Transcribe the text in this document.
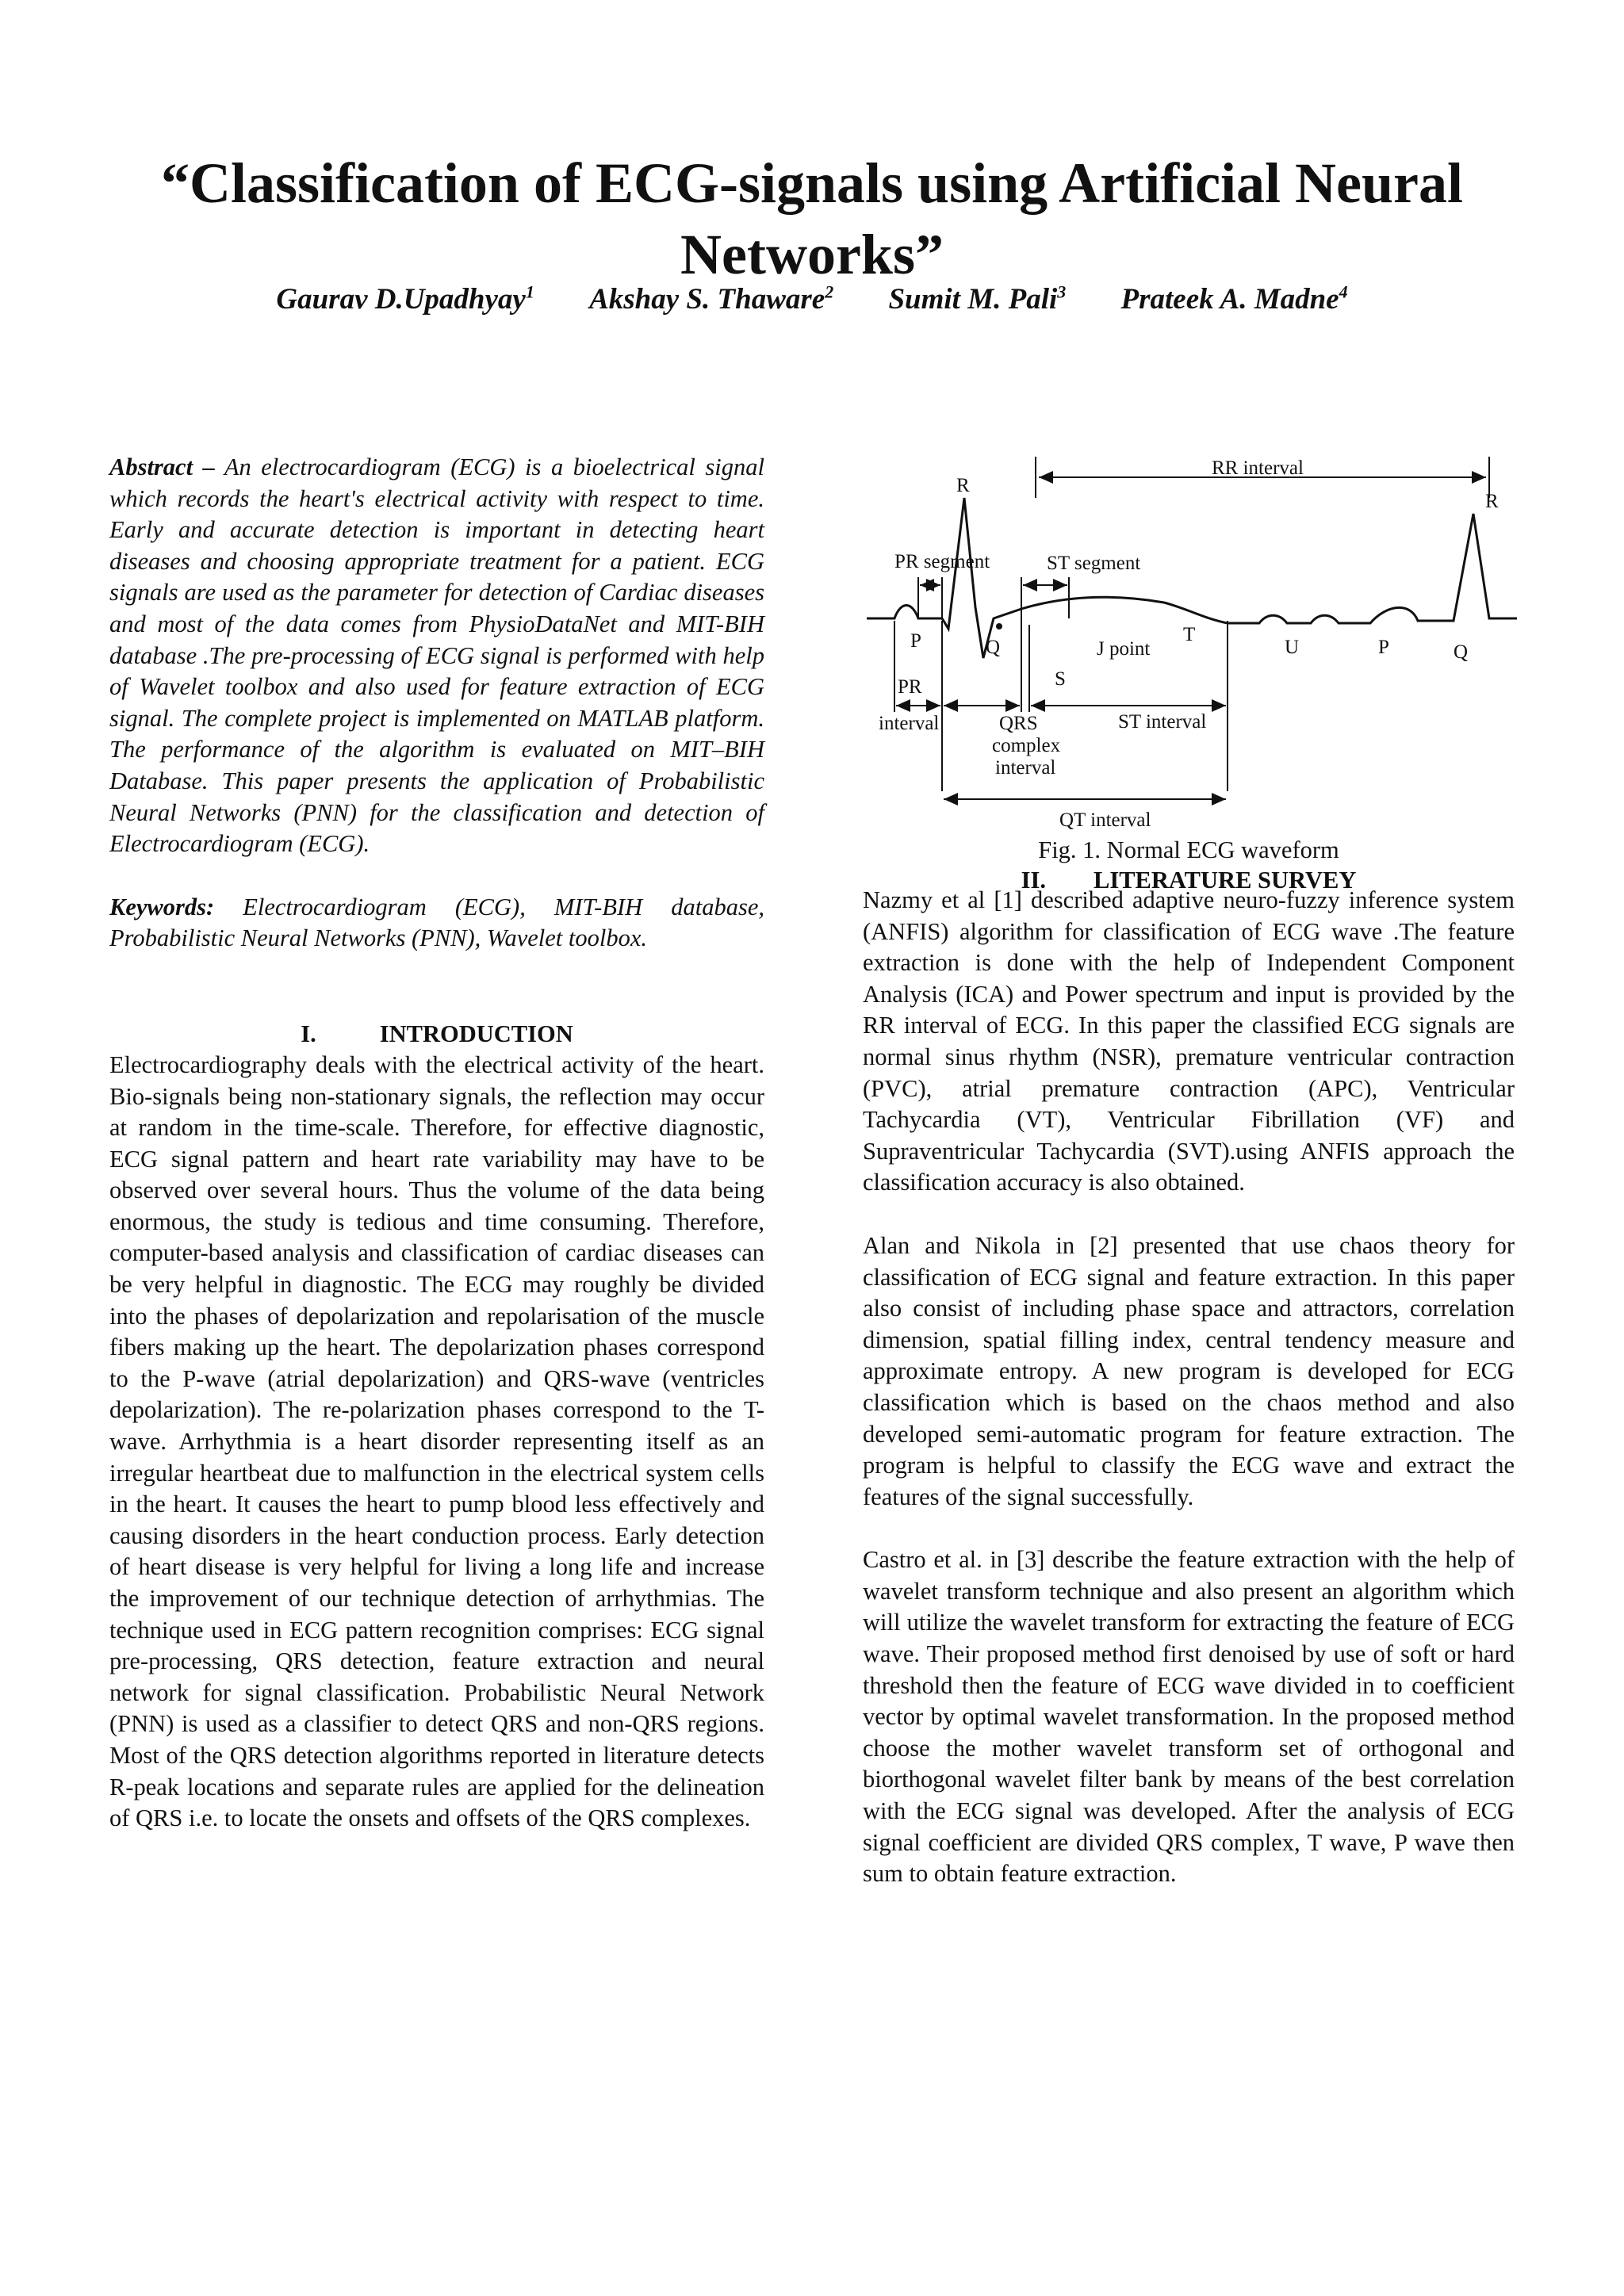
“Classification of ECG-signals using Artificial Neural Networks”
Gaurav D.Upadhyay$^1$ Akshay S. Thaware$^2$ Sumit M. Pali$^3$ Prateek A. Madne$^4$

Abstract – An electrocardiogram (ECG) is a bioelectrical signal which records the heart's electrical activity with respect to time. Early and accurate detection is important in detecting heart diseases and choosing appropriate treatment for a patient. ECG signals are used as the parameter for detection of Cardiac diseases and most of the data comes from PhysioDataNet and MIT-BIH database .The pre-processing of ECG signal is performed with help of Wavelet toolbox and also used for feature extraction of ECG signal. The complete project is implemented on MATLAB platform. The performance of the algorithm is evaluated on MIT–BIH Database. This paper presents the application of Probabilistic Neural Networks (PNN) for the classification and detection of Electrocardiogram (ECG).

Keywords: Electrocardiogram (ECG), MIT-BIH database, Probabilistic Neural Networks (PNN), Wavelet toolbox.

I.	INTRODUCTION

Electrocardiography deals with the electrical activity of the heart. Bio-signals being non-stationary signals, the reflection may occur at random in the time-scale. Therefore, for effective diagnostic, ECG signal pattern and heart rate variability may have to be observed over several hours. Thus the volume of the data being enormous, the study is tedious and time consuming. Therefore, computer-based analysis and classification of cardiac diseases can be very helpful in diagnostic. The ECG may roughly be divided into the phases of depolarization and repolarisation of the muscle fibers making up the heart. The depolarization phases correspond to the P-wave (atrial depolarization) and QRS-wave (ventricles depolarization). The re-polarization phases correspond to the T-wave. Arrhythmia is a heart disorder representing itself as an irregular heartbeat due to malfunction in the electrical system cells in the heart. It causes the heart to pump blood less effectively and causing disorders in the heart conduction process. Early detection of heart disease is very helpful for living a long life and increase the improvement of our technique detection of arrhythmias. The technique used in ECG pattern recognition comprises: ECG signal pre-processing, QRS detection, feature extraction and neural network for signal classification. Probabilistic Neural Network (PNN) is used as a classifier to detect QRS and non-QRS regions. Most of the QRS detection algorithms reported in literature detects R-peak locations and separate rules are applied for the delineation of QRS i.e. to locate the onsets and offsets of the QRS complexes.

RR interval
R
R
PR segment	ST segment
P	Q
S
J point
T
U	P	Q
PR
interval	QRS
complex
interval
ST interval
QT interval
Fig. 1. Normal ECG waveform
II. LITERATURE SURVEY

Nazmy et al [1] described adaptive neuro-fuzzy inference system (ANFIS) algorithm for classification of ECG wave .The feature extraction is done with the help of Independent Component Analysis (ICA) and Power spectrum and input is provided by the RR interval of ECG. In this paper the classified ECG signals are normal sinus rhythm (NSR), premature ventricular contraction (PVC), atrial premature contraction (APC), Ventricular Tachycardia (VT), Ventricular Fibrillation (VF) and Supraventricular Tachycardia (SVT).using ANFIS approach the classification accuracy is also obtained.

Alan and Nikola in [2] presented that use chaos theory for classification of ECG signal and feature extraction. In this paper also consist of including phase space and attractors, correlation dimension, spatial filling index, central tendency measure and approximate entropy. A new program is developed for ECG classification which is based on the chaos method and also developed semi-automatic program for feature extraction. The program is helpful to classify the ECG wave and extract the features of the signal successfully.

Castro et al. in [3] describe the feature extraction with the help of wavelet transform technique and also present an algorithm which will utilize the wavelet transform for extracting the feature of ECG wave. Their proposed method first denoised by use of soft or hard threshold then the feature of ECG wave divided in to coefficient vector by optimal wavelet transformation. In the proposed method choose the mother wavelet transform set of orthogonal and biorthogonal wavelet filter bank by means of the best correlation with the ECG signal was developed. After the analysis of ECG signal coefficient are divided QRS complex, T wave, P wave then sum to obtain feature extraction.
